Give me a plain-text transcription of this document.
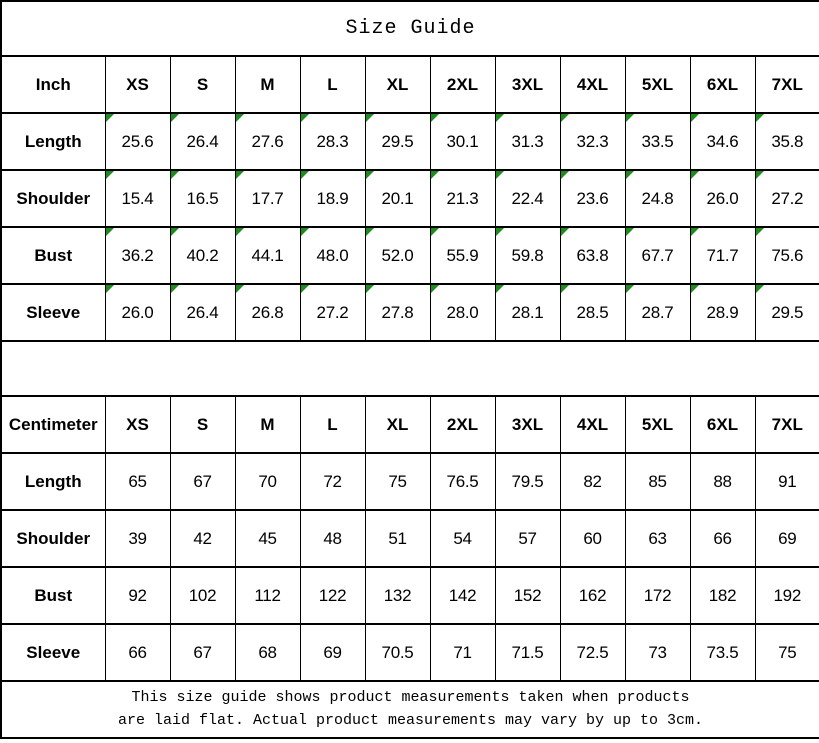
Size Guide											
Inch	XS	S	M	L	XL	2XL	3XL	4XL	5XL	6XL	7XL
Length	25.6	26.4	27.6	28.3	29.5	30.1	31.3	32.3	33.5	34.6	35.8
Shoulder	15.4	16.5	17.7	18.9	20.1	21.3	22.4	23.6	24.8	26.0	27.2
Bust	36.2	40.2	44.1	48.0	52.0	55.9	59.8	63.8	67.7	71.7	75.6
Sleeve	26.0	26.4	26.8	27.2	27.8	28.0	28.1	28.5	28.7	28.9	29.5

Centimeter	XS	S	M	L	XL	2XL	3XL	4XL	5XL	6XL	7XL
Length	65	67	70	72	75	76.5	79.5	82	85	88	91
Shoulder	39	42	45	48	51	54	57	60	63	66	69
Bust	92	102	112	122	132	142	152	162	172	182	192
Sleeve	66	67	68	69	70.5	71	71.5	72.5	73	73.5	75

This size guide shows product measurements taken when products
are laid flat. Actual product measurements may vary by up to 3cm.											
